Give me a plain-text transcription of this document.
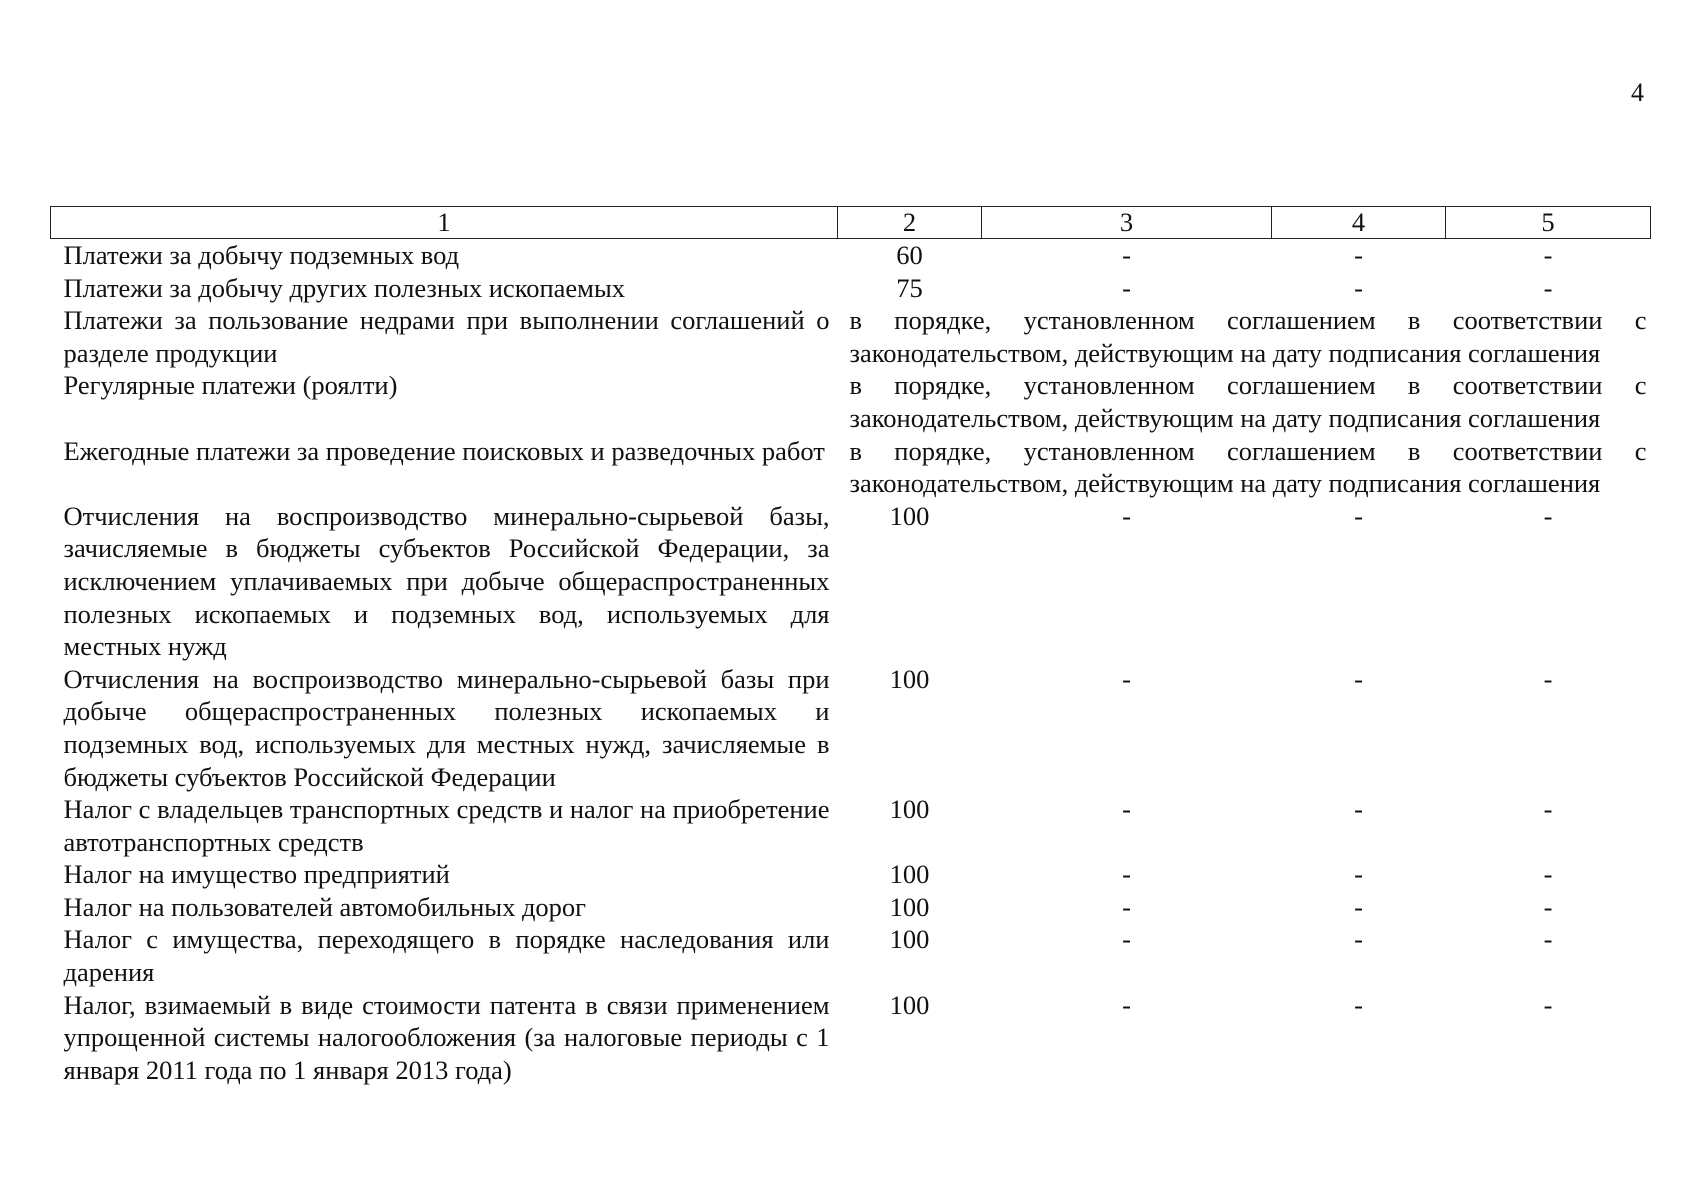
4
1	2	3	4	5
Платежи за добычу подземных вод	60	-	-	-
Платежи за добычу других полезных ископаемых	75	-	-	-
Платежи за пользование недрами при выполнении соглашений о разделе продукции	в порядке, установленном соглашением в соответствии с законодательством, действующим на дату подписания соглашения			
Регулярные платежи (роялти)	в порядке, установленном соглашением в соответствии с законодательством, действующим на дату подписания соглашения			
Ежегодные платежи за проведение поисковых и разведочных работ	в порядке, установленном соглашением в соответствии с законодательством, действующим на дату подписания соглашения			
Отчисления на воспроизводство минерально-сырьевой базы, зачисляемые в бюджеты субъектов Российской Федерации, за исключением уплачиваемых при добыче общераспространенных полезных ископаемых и подземных вод, используемых для местных нужд	100	-	-	-
Отчисления на воспроизводство минерально-сырьевой базы при добыче общераспространенных полезных ископаемых и подземных вод, используемых для местных нужд, зачисляемые в бюджеты субъектов Российской Федерации	100	-	-	-
Налог с владельцев транспортных средств и налог на приобретение автотранспортных средств	100	-	-	-
Налог на имущество предприятий	100	-	-	-
Налог на пользователей автомобильных дорог	100	-	-	-
Налог с имущества, переходящего в порядке наследования или дарения	100	-	-	-
Налог, взимаемый в виде стоимости патента в связи применением упрощенной системы налогообложения (за налоговые периоды с 1 января 2011 года по 1 января 2013 года)	100	-	-	-
